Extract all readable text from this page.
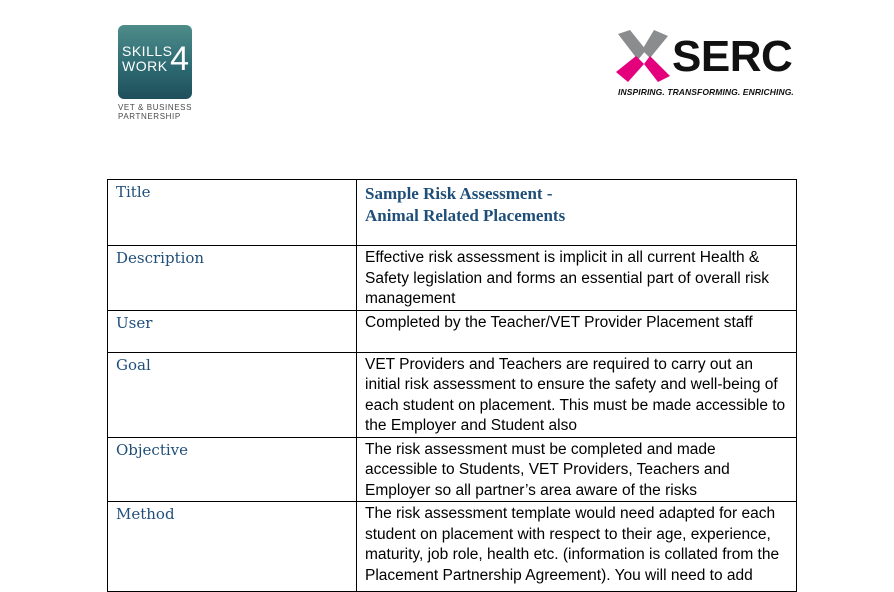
SKILLS
WORK 4
VET & BUSINESS
PARTNERSHIP
SERC
INSPIRING. TRANSFORMING. ENRICHING.
Title	Sample Risk Assessment -
Animal Related Placements

Description	Effective risk assessment is implicit in all current Health & Safety legislation and forms an essential part of overall risk management
User	Completed by the Teacher/VET Provider Placement staff
Goal	VET Providers and Teachers are required to carry out an initial risk assessment to ensure the safety and well-being of each student on placement. This must be made accessible to the Employer and Student also
Objective	The risk assessment must be completed and made accessible to Students, VET Providers, Teachers and Employer so all partner’s area aware of the risks
Method	The risk assessment template would need adapted for each student on placement with respect to their age, experience, maturity, job role, health etc. (information is collated from the Placement Partnership Agreement). You will need to add
